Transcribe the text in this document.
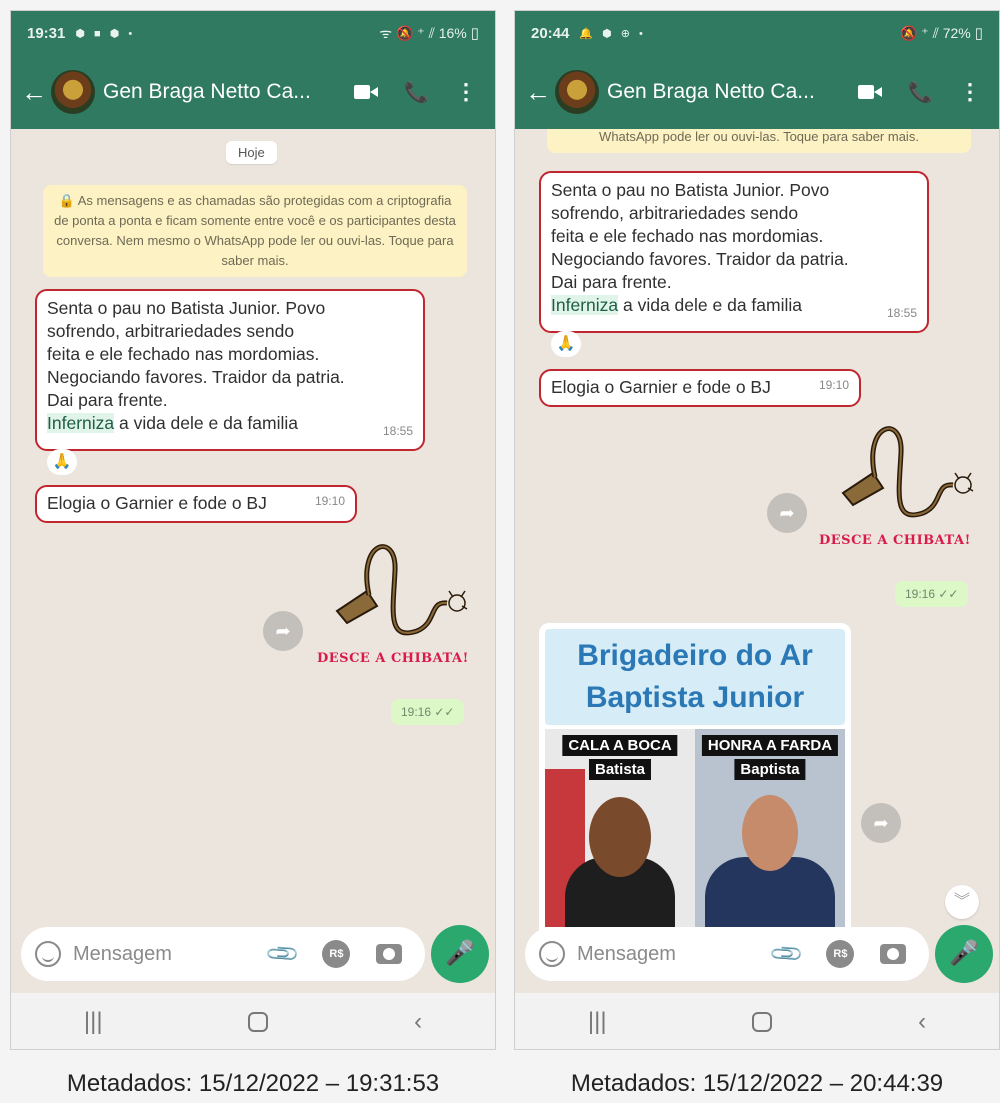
19:31 ⬢ ■ ⬢ •	ᯤ 🔕 ⁺ ⫽ 16% ▯
←	Gen Braga Netto Ca...	📞 ⋮
Hoje
🔒 As mensagens e as chamadas são protegidas com a criptografia de ponta a ponta e ficam somente entre você e os participantes desta conversa. Nem mesmo o WhatsApp pode ler ou ouvi-las. Toque para saber mais.
Senta o pau no Batista Junior. Povo
sofrendo, arbitrariedades sendo
feita e ele fechado nas mordomias.
Negociando favores. Traidor da patria.
Dai para frente.
Inferniza a vida dele e da familia	18:55
🙏
Elogia o Garnier e fode o BJ	19:10
➦
DESCE A CHIBATA!
19:16 ✓✓
Mensagem
📎	R$	🎤
|||	‹
20:44 🔔 ⬢ ⊕ •	🔕 ⁺ ⫽ 72% ▯
←	Gen Braga Netto Ca...	📞 ⋮
WhatsApp pode ler ou ouvi-las. Toque para saber mais.
Senta o pau no Batista Junior. Povo
sofrendo, arbitrariedades sendo
feita e ele fechado nas mordomias.
Negociando favores. Traidor da patria.
Dai para frente.
Inferniza a vida dele e da familia	18:55
🙏
Elogia o Garnier e fode o BJ	19:10
➦
DESCE A CHIBATA!
19:16 ✓✓
Brigadeiro do Ar
Baptista Junior
CALA A BOCA
Batista
HONRA A FARDA
Baptista
➦
︾
Mensagem
📎	R$	🎤
|||	‹
Metadados: 15/12/2022 – 19:31:53	Metadados: 15/12/2022 – 20:44:39
